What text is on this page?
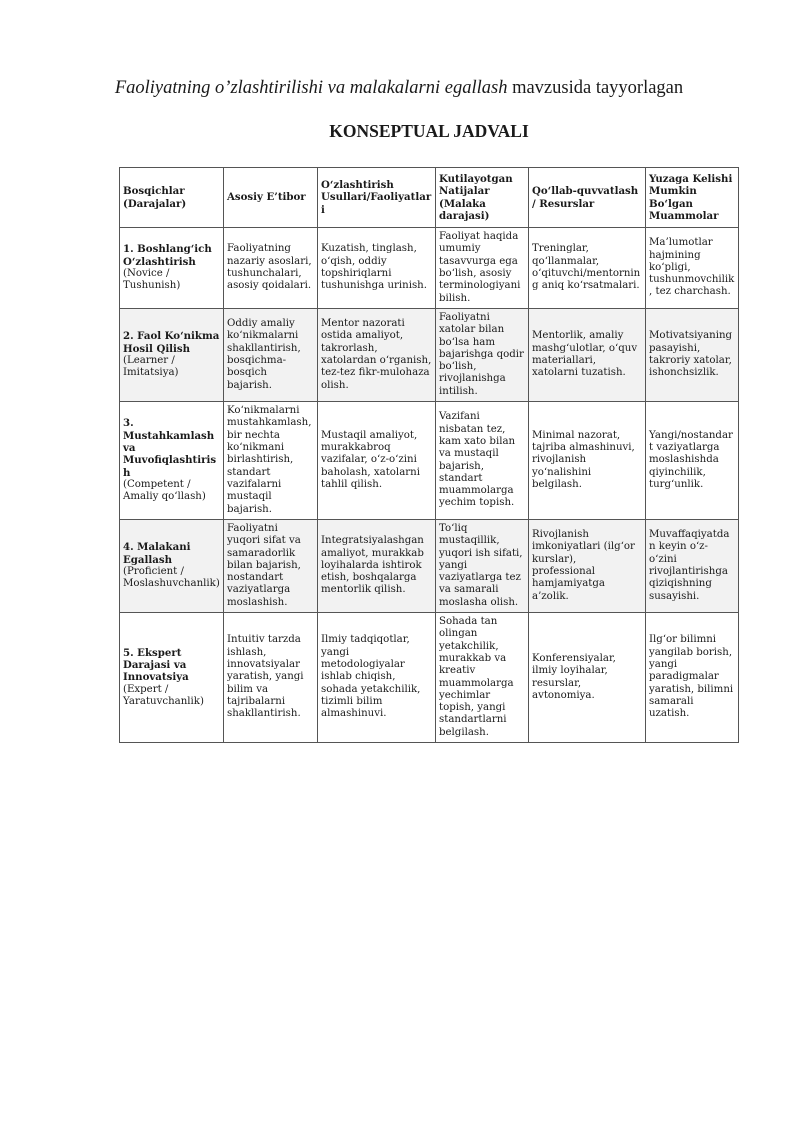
Faoliyatning o’zlashtirilishi va malakalarni egallash mavzusida tayyorlagan
KONSEPTUAL JADVALI
Bosqichlar (Darajalar)	Asosiy E’tibor	O‘zlashtirish Usullari/Faoliyatlari	Kutilayotgan Natijalar (Malaka darajasi)	Qo‘llab-quvvatlash / Resurslar	Yuzaga Kelishi Mumkin Bo‘lgan Muammolar

1. Boshlang‘ich O‘zlashtirish
(Novice / Tushunish)	Faoliyatning nazariy asoslari, tushunchalari, asosiy qoidalari.	Kuzatish, tinglash, o‘qish, oddiy topshiriqlarni tushunishga urinish.	Faoliyat haqida umumiy tasavvurga ega bo‘lish, asosiy terminologiyani bilish.	Treninglar, qo‘llanmalar, o‘qituvchi/mentorning aniq ko‘rsatmalari.	Ma’lumotlar hajmining ko‘pligi, tushunmovchilik, tez charchash.

2. Faol Ko‘nikma Hosil Qilish
(Learner / Imitatsiya)	Oddiy amaliy ko‘nikmalarni shakllantirish, bosqichma-bosqich bajarish.	Mentor nazorati ostida amaliyot, takrorlash, xatolardan o‘rganish, tez-tez fikr-mulohaza olish.	Faoliyatni xatolar bilan bo‘lsa ham bajarishga qodir bo‘lish, rivojlanishga intilish.	Mentorlik, amaliy mashg‘ulotlar, o‘quv materiallari, xatolarni tuzatish.	Motivatsiyaning pasayishi, takroriy xatolar, ishonchsizlik.

3. Mustahkamlash va Muvofiqlashtirish
(Competent / Amaliy qo‘llash)	Ko‘nikmalarni mustahkamlash, bir nechta ko‘nikmani birlashtirish, standart vazifalarni mustaqil bajarish.	Mustaqil amaliyot, murakkabroq vazifalar, o‘z-o‘zini baholash, xatolarni tahlil qilish.	Vazifani nisbatan tez, kam xato bilan va mustaqil bajarish, standart muammolarga yechim topish.	Minimal nazorat, tajriba almashinuvi, rivojlanish yo‘nalishini belgilash.	Yangi/nostandart vaziyatlarga moslashishda qiyinchilik, turg‘unlik.

4. Malakani Egallash
(Proficient / Moslashuvchanlik)	Faoliyatni yuqori sifat va samaradorlik bilan bajarish, nostandart vaziyatlarga moslashish.	Integratsiyalashgan amaliyot, murakkab loyihalarda ishtirok etish, boshqalarga mentorlik qilish.	To‘liq mustaqillik, yuqori ish sifati, yangi vaziyatlarga tez va samarali moslasha olish.	Rivojlanish imkoniyatlari (ilg‘or kurslar), professional hamjamiyatga a’zolik.	Muvaffaqiyatdan keyin o‘z-o‘zini rivojlantirishga qiziqishning susayishi.

5. Ekspert Darajasi va Innovatsiya
(Expert / Yaratuvchanlik)	Intuitiv tarzda ishlash, innovatsiyalar yaratish, yangi bilim va tajribalarni shakllantirish.	Ilmiy tadqiqotlar, yangi metodologiyalar ishlab chiqish, sohada yetakchilik, tizimli bilim almashinuvi.	Sohada tan olingan yetakchilik, murakkab va kreativ muammolarga yechimlar topish, yangi standartlarni belgilash.	Konferensiyalar, ilmiy loyihalar, resurslar, avtonomiya.	Ilg‘or bilimni yangilab borish, yangi paradigmalar yaratish, bilimni samarali uzatish.
